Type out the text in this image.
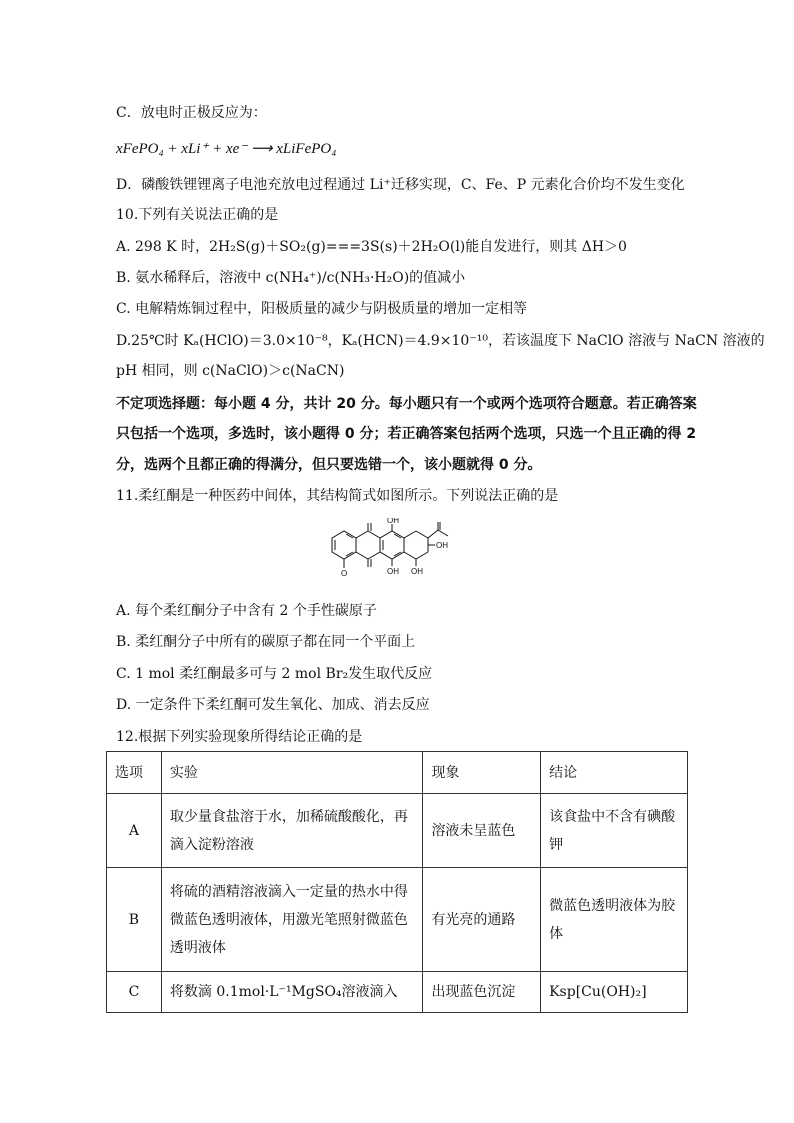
C．放电时正极反应为：
xFePO₄ + xLi⁺ + xe⁻ ⟶ xLiFePO₄
D．磷酸铁锂锂离子电池充放电过程通过 Li⁺迁移实现，C、Fe、P 元素化合价均不发生变化
10.下列有关说法正确的是
A. 298 K 时，2H₂S(g)＋SO₂(g)===3S(s)＋2H₂O(l)能自发进行，则其 ΔH＞0
B. 氨水稀释后，溶液中 c(NH₄⁺)/c(NH₃·H₂O)的值减小
C. 电解精炼铜过程中，阳极质量的减少与阴极质量的增加一定相等
D.25℃时 Kₐ(HClO)＝3.0×10⁻⁸，Kₐ(HCN)＝4.9×10⁻¹⁰，若该温度下 NaClO 溶液与 NaCN 溶液的
pH 相同，则 c(NaClO)＞c(NaCN)
不定项选择题：每小题 4 分，共计 20 分。每小题只有一个或两个选项符合题意。若正确答案
只包括一个选项，多选时，该小题得 0 分；若正确答案包括两个选项，只选一个且正确的得 2
分，选两个且都正确的得满分，但只要选错一个，该小题就得 0 分。
11.柔红酮是一种医药中间体，其结构简式如图所示。下列说法正确的是
OH
OH OH
OH
O
A. 每个柔红酮分子中含有 2 个手性碳原子
B. 柔红酮分子中所有的碳原子都在同一个平面上
C. 1 mol 柔红酮最多可与 2 mol Br₂发生取代反应
D. 一定条件下柔红酮可发生氧化、加成、消去反应
12.根据下列实验现象所得结论正确的是
选项	实验	现象	结论
A	取少量食盐溶于水，加稀硫酸酸化，再滴入淀粉溶液	溶液未呈蓝色	该食盐中不含有碘酸钾
B	将硫的酒精溶液滴入一定量的热水中得微蓝色透明液体，用激光笔照射微蓝色透明液体	有光亮的通路	微蓝色透明液体为胶体
C	将数滴 0.1mol·L⁻¹MgSO₄溶液滴入	出现蓝色沉淀	Ksp[Cu(OH)₂]
